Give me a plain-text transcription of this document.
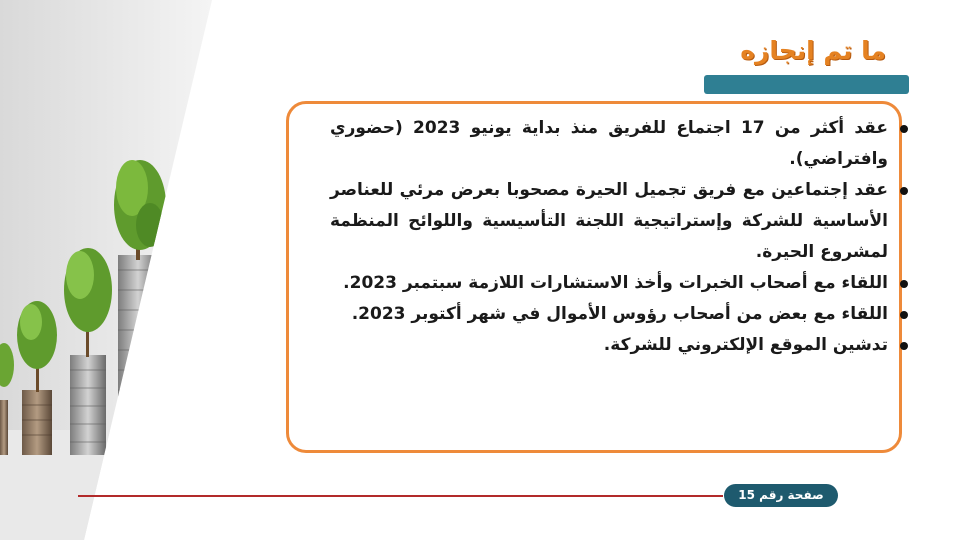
ما تم إنجازه
عقد أكثر من 17 اجتماع للفريق منذ بداية يونيو 2023 (حضوري وافتراضي).
عقد إجتماعين مع فريق تجميل الحيرة مصحوبا بعرض مرئي للعناصر الأساسية للشركة وإستراتيجية اللجنة التأسيسية واللوائح المنظمة لمشروع الحيرة.
اللقاء مع أصحاب الخبرات وأخذ الاستشارات اللازمة سبتمبر 2023.
اللقاء مع بعض من أصحاب رؤوس الأموال في شهر أكتوبر 2023.
تدشين الموقع الإلكتروني للشركة.
صفحة رقم 15
